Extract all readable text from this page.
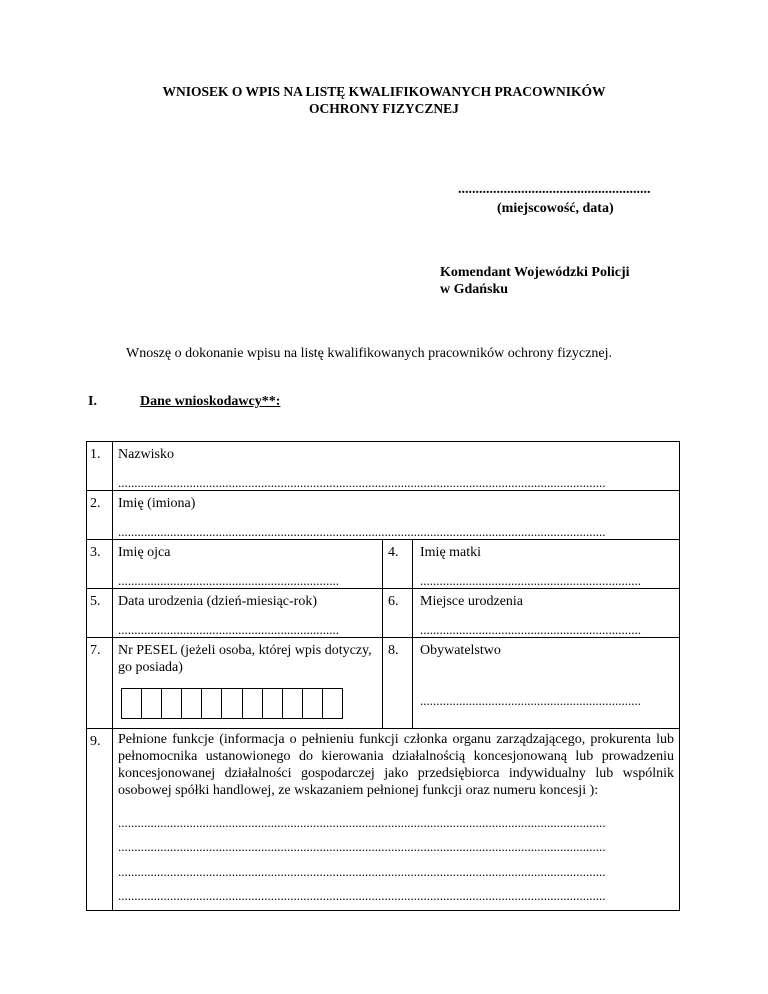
WNIOSEK O WPIS NA LISTĘ KWALIFIKOWANYCH PRACOWNIKÓW
OCHRONY FIZYCZNEJ
.......................................................
(miejscowość, data)
Komendant Wojewódzki Policji
w Gdańsku
Wnoszę o dokonanie wpisu na listę kwalifikowanych pracowników ochrony fizycznej.
I.	Dane wnioskodawcy**:
1. Nazwisko
......................................................................................................................................................
2. Imię (imiona)
......................................................................................................................................................
3. Imię ojca
....................................................................
4. Imię matki
....................................................................
5. Data urodzenia (dzień-miesiąc-rok)
....................................................................
6. Miejsce urodzenia
....................................................................
7. Nr PESEL (jeżeli osoba, której wpis dotyczy, go posiada)
8. Obywatelstwo
....................................................................
9. Pełnione funkcje (informacja o pełnieniu funkcji członka organu zarządzającego, prokurenta lub pełnomocnika ustanowionego do kierowania działalnością koncesjonowaną lub prowadzeniu koncesjonowanej działalności gospodarczej jako przedsiębiorca indywidualny lub wspólnik osobowej spółki handlowej, ze wskazaniem pełnionej funkcji oraz numeru koncesji ):
......................................................................................................................................................
......................................................................................................................................................
......................................................................................................................................................
......................................................................................................................................................
